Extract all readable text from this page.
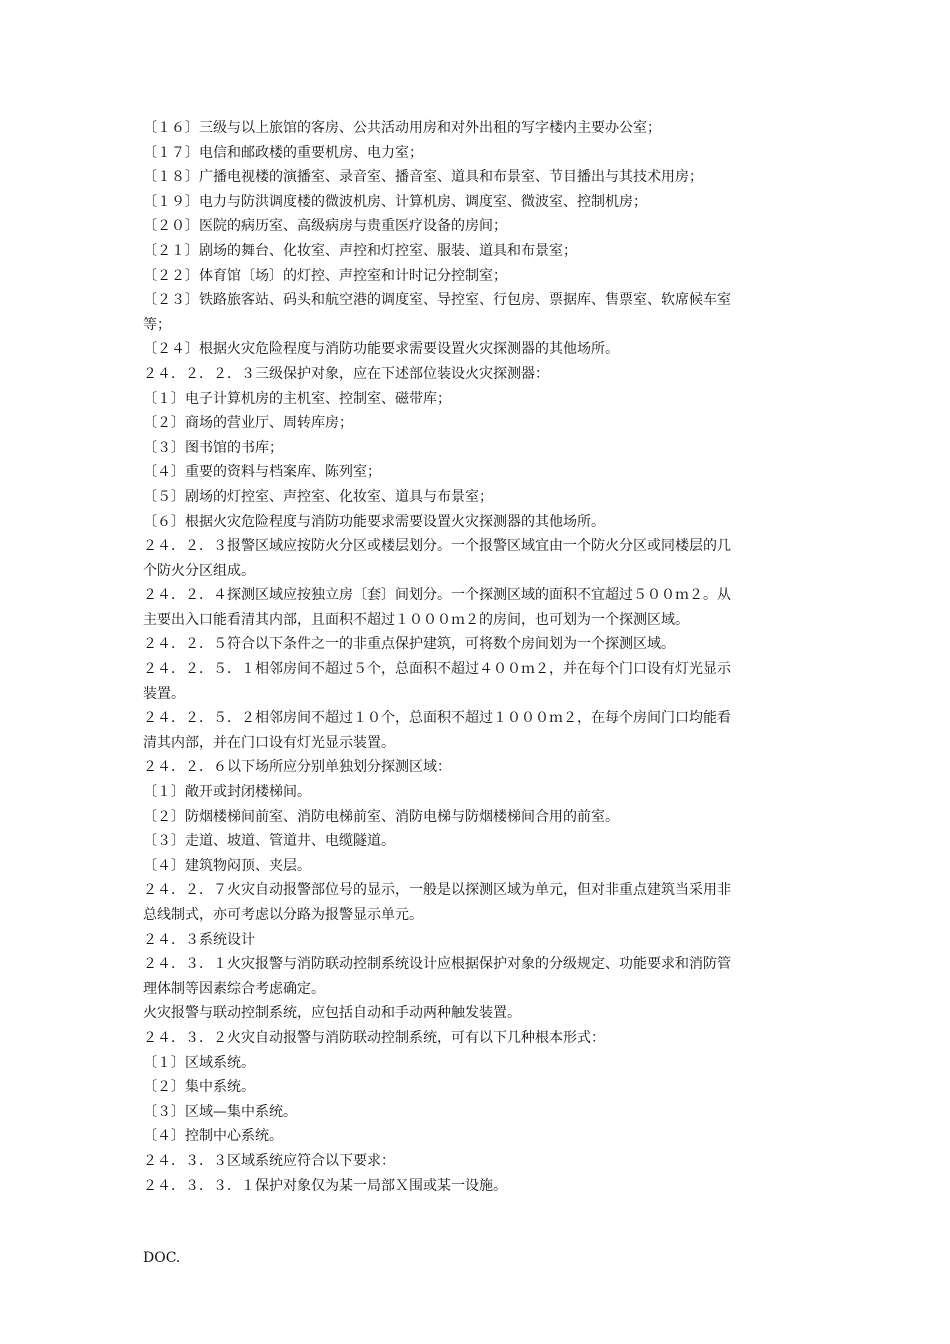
〔１６〕三级与以上旅馆的客房、公共活动用房和对外出租的写字楼内主要办公室；
〔１７〕电信和邮政楼的重要机房、电力室；
〔１８〕广播电视楼的演播室、录音室、播音室、道具和布景室、节目播出与其技术用房；
〔１９〕电力与防洪调度楼的微波机房、计算机房、调度室、微波室、控制机房；
〔２０〕医院的病历室、高级病房与贵重医疗设备的房间；
〔２１〕剧场的舞台、化妆室、声控和灯控室、服装、道具和布景室；
〔２２〕体育馆〔场〕的灯控、声控室和计时记分控制室；
〔２３〕铁路旅客站、码头和航空港的调度室、导控室、行包房、票据库、售票室、软席候车室
等；
〔２４〕根据火灾危险程度与消防功能要求需要设置火灾探测器的其他场所。
２４．２．２．３三级保护对象，应在下述部位装设火灾探测器：
〔１〕电子计算机房的主机室、控制室、磁带库；
〔２〕商场的营业厅、周转库房；
〔３〕图书馆的书库；
〔４〕重要的资料与档案库、陈列室；
〔５〕剧场的灯控室、声控室、化妆室、道具与布景室；
〔６〕根据火灾危险程度与消防功能要求需要设置火灾探测器的其他场所。
２４．２．３报警区域应按防火分区或楼层划分。一个报警区域宜由一个防火分区或同楼层的几
个防火分区组成。
２４．２．４探测区域应按独立房〔套〕间划分。一个探测区域的面积不宜超过５００ｍ２。从
主要出入口能看清其内部，且面积不超过１０００ｍ２的房间，也可划为一个探测区域。
２４．２．５符合以下条件之一的非重点保护建筑，可将数个房间划为一个探测区域。
２４．２．５．１相邻房间不超过５个，总面积不超过４００ｍ２，并在每个门口设有灯光显示
装置。
２４．２．５．２相邻房间不超过１０个，总面积不超过１０００ｍ２，在每个房间门口均能看
清其内部，并在门口设有灯光显示装置。
２４．２．６以下场所应分别单独划分探测区域：
〔１〕敞开或封闭楼梯间。
〔２〕防烟楼梯间前室、消防电梯前室、消防电梯与防烟楼梯间合用的前室。
〔３〕走道、坡道、管道井、电缆隧道。
〔４〕建筑物闷顶、夹层。
２４．２．７火灾自动报警部位号的显示，一般是以探测区域为单元，但对非重点建筑当采用非
总线制式，亦可考虑以分路为报警显示单元。
２４．３系统设计
２４．３．１火灾报警与消防联动控制系统设计应根据保护对象的分级规定、功能要求和消防管
理体制等因素综合考虑确定。
火灾报警与联动控制系统，应包括自动和手动两种触发装置。
２４．３．２火灾自动报警与消防联动控制系统，可有以下几种根本形式：
〔１〕区域系统。
〔２〕集中系统。
〔３〕区域—集中系统。
〔４〕控制中心系统。
２４．３．３区域系统应符合以下要求：
２４．３．３．１保护对象仅为某一局部Ｘ围或某一设施。
DOC.
